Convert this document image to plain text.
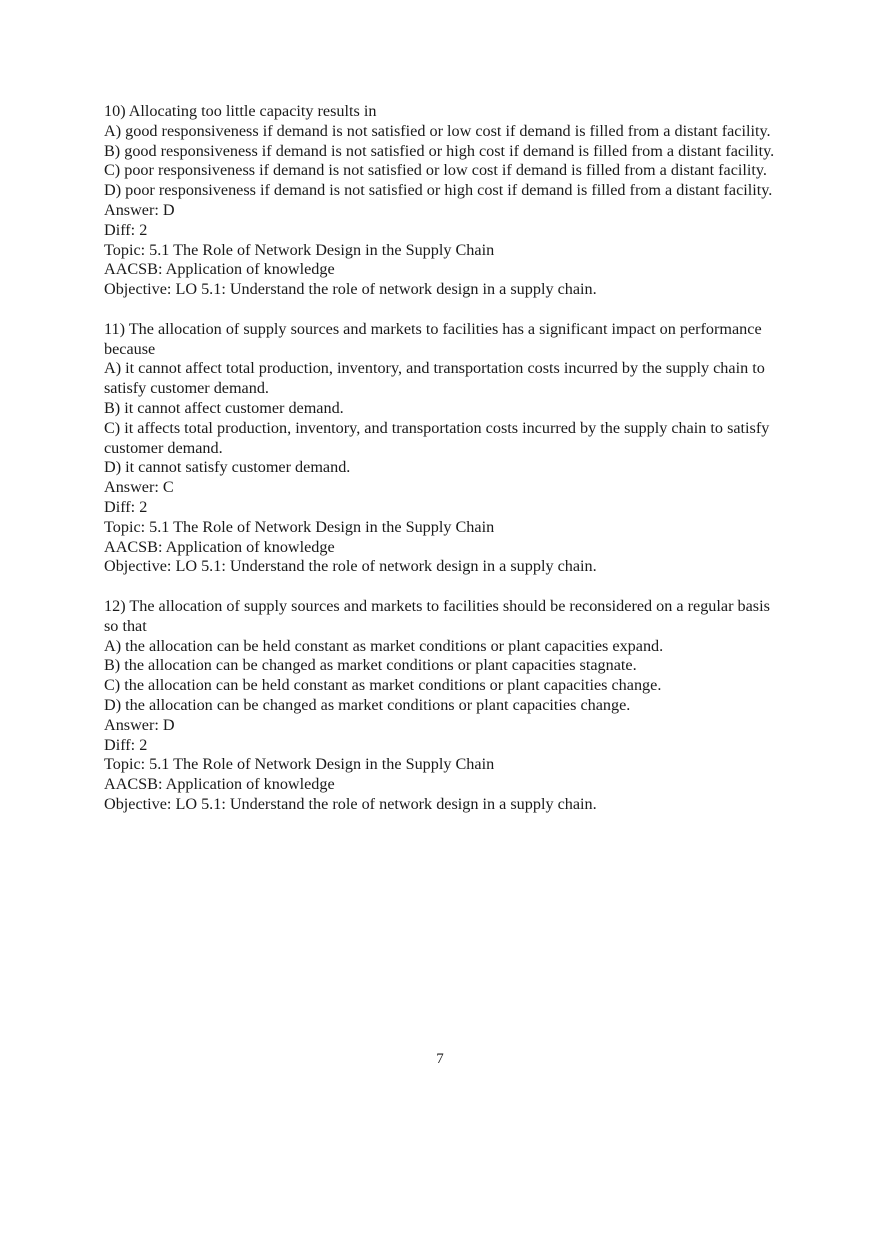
10) Allocating too little capacity results in
A) good responsiveness if demand is not satisfied or low cost if demand is filled from a distant facility.
B) good responsiveness if demand is not satisfied or high cost if demand is filled from a distant facility.
C) poor responsiveness if demand is not satisfied or low cost if demand is filled from a distant facility.
D) poor responsiveness if demand is not satisfied or high cost if demand is filled from a distant facility.
Answer: D
Diff: 2
Topic: 5.1 The Role of Network Design in the Supply Chain
AACSB: Application of knowledge
Objective: LO 5.1: Understand the role of network design in a supply chain.
11) The allocation of supply sources and markets to facilities has a significant impact on performance because
A) it cannot affect total production, inventory, and transportation costs incurred by the supply chain to satisfy customer demand.
B) it cannot affect customer demand.
C) it affects total production, inventory, and transportation costs incurred by the supply chain to satisfy customer demand.
D) it cannot satisfy customer demand.
Answer: C
Diff: 2
Topic: 5.1 The Role of Network Design in the Supply Chain
AACSB: Application of knowledge
Objective: LO 5.1: Understand the role of network design in a supply chain.
12) The allocation of supply sources and markets to facilities should be reconsidered on a regular basis so that
A) the allocation can be held constant as market conditions or plant capacities expand.
B) the allocation can be changed as market conditions or plant capacities stagnate.
C) the allocation can be held constant as market conditions or plant capacities change.
D) the allocation can be changed as market conditions or plant capacities change.
Answer: D
Diff: 2
Topic: 5.1 The Role of Network Design in the Supply Chain
AACSB: Application of knowledge
Objective: LO 5.1: Understand the role of network design in a supply chain.
7
